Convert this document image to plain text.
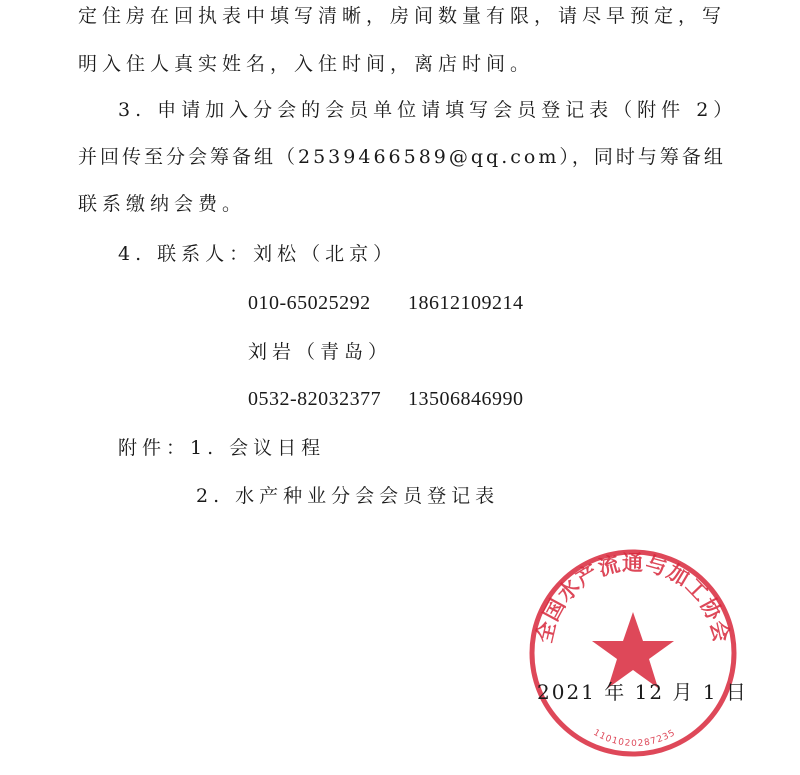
定住房在回执表中填写清晰，房间数量有限，请尽早预定，写
明入住人真实姓名，入住时间，离店时间。
3. 申请加入分会的会员单位请填写会员登记表（附件 2）
并回传至分会筹备组（2539466589@qq.com），同时与筹备组
联系缴纳会费。
4. 联系人：刘松（北京）
010-65025292 18612109214
刘岩（青岛）
0532-82032377 13506846990
附件：1. 会议日程
2. 水产种业分会会员登记表
全国水产流通与加工协会
1101020287235
2021 年 12 月 1 日
